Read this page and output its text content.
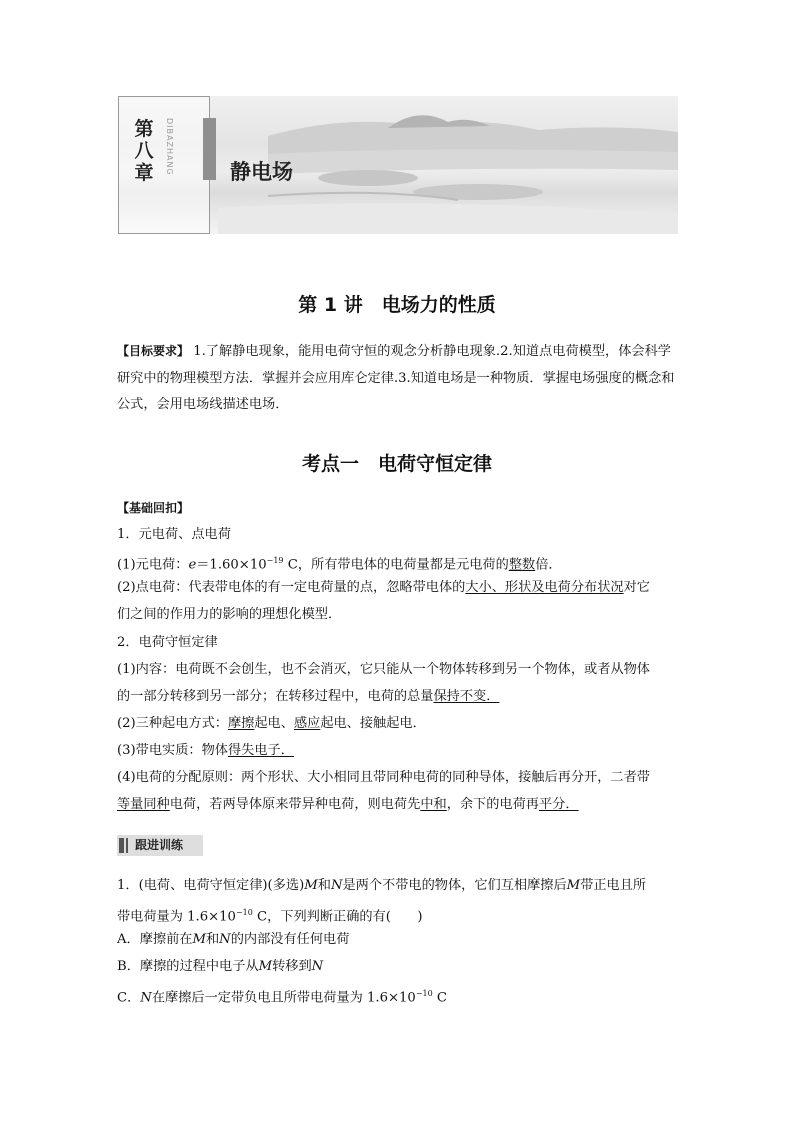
第
八
章	DIBAZHANG	静电场
第 1 讲　电场力的性质
【目标要求】 1.了解静电现象，能用电荷守恒的观念分析静电现象.2.知道点电荷模型，体会科学研究中的物理模型方法．掌握并会应用库仑定律.3.知道电场是一种物质．掌握电场强度的概念和公式，会用电场线描述电场．
考点一　电荷守恒定律
【基础回扣】
1．元电荷、点电荷
(1)元电荷：$e=1.60\times 10^{-19}$ C，所有带电体的电荷量都是元电荷的整数倍．
(2)点电荷：代表带电体的有一定电荷量的点，忽略带电体的大小、形状及电荷分布状况对它
们之间的作用力的影响的理想化模型．
2．电荷守恒定律
(1)内容：电荷既不会创生，也不会消灭，它只能从一个物体转移到另一个物体，或者从物体
的一部分转移到另一部分；在转移过程中，电荷的总量保持不变．
(2)三种起电方式：摩擦起电、感应起电、接触起电．
(3)带电实质：物体得失电子．
(4)电荷的分配原则：两个形状、大小相同且带同种电荷的同种导体，接触后再分开，二者带
等量同种电荷，若两导体原来带异种电荷，则电荷先中和，余下的电荷再平分．
跟进训练
1．(电荷、电荷守恒定律)(多选)M和N是两个不带电的物体，它们互相摩擦后M带正电且所
带电荷量为 $1.6\times 10^{-10}$ C，下列判断正确的有(　　)
A．摩擦前在M和N的内部没有任何电荷
B．摩擦的过程中电子从M转移到N
C．N在摩擦后一定带负电且所带电荷量为 $1.6\times 10^{-10}$ C
